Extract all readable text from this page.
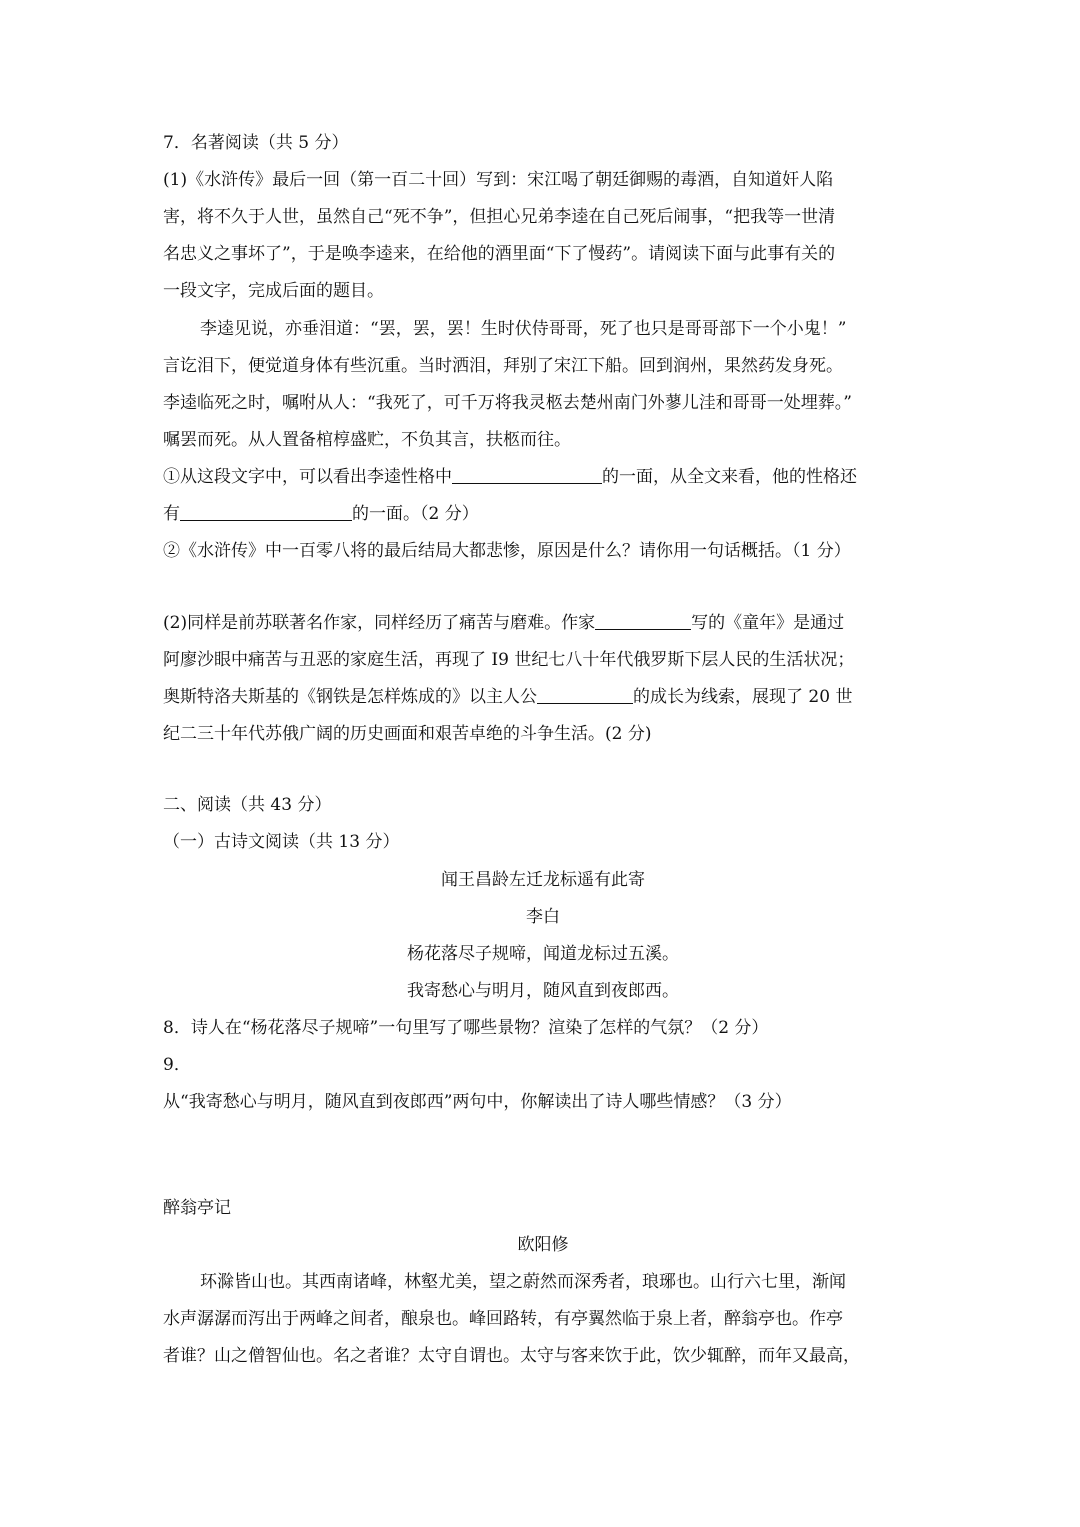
7．名著阅读（共 5 分）
(1)《水浒传》最后一回（第一百二十回）写到：宋江喝了朝廷御赐的毒酒，自知道奸人陷
害，将不久于人世，虽然自己“死不争”，但担心兄弟李逵在自己死后闹事，“把我等一世清
名忠义之事坏了”，于是唤李逵来，在给他的酒里面“下了慢药”。请阅读下面与此事有关的
一段文字，完成后面的题目。
李逵见说，亦垂泪道：“罢，罢，罢！生时伏侍哥哥，死了也只是哥哥部下一个小鬼！”
言讫泪下，便觉道身体有些沉重。当时洒泪，拜别了宋江下船。回到润州，果然药发身死。
李逵临死之时，嘱咐从人：“我死了，可千万将我灵柩去楚州南门外蓼儿洼和哥哥一处埋葬。”
嘱罢而死。从人置备棺椁盛贮，不负其言，扶柩而往。
①从这段文字中，可以看出李逵性格中	的一面，从全文来看，他的性格还
有	的一面。（2 分）
②《水浒传》中一百零八将的最后结局大都悲惨，原因是什么？请你用一句话概括。（1 分）
(2)同样是前苏联著名作家，同样经历了痛苦与磨难。作家	写的《童年》是通过
阿廖沙眼中痛苦与丑恶的家庭生活，再现了 I9 世纪七八十年代俄罗斯下层人民的生活状况；
奥斯特洛夫斯基的《钢铁是怎样炼成的》以主人公	的成长为线索，展现了 20 世
纪二三十年代苏俄广阔的历史画面和艰苦卓绝的斗争生活。(2 分)
二、阅读（共 43 分）
（一）古诗文阅读（共 13 分）
闻王昌龄左迁龙标遥有此寄
李白
杨花落尽子规啼，闻道龙标过五溪。
我寄愁心与明月，随风直到夜郎西。
8．诗人在“杨花落尽子规啼”一句里写了哪些景物？渲染了怎样的气氛？（2 分）
9．
从“我寄愁心与明月，随风直到夜郎西”两句中，你解读出了诗人哪些情感？（3 分）
醉翁亭记
欧阳修
环滁皆山也。其西南诸峰，林壑尤美，望之蔚然而深秀者，琅琊也。山行六七里，渐闻
水声潺潺而泻出于两峰之间者，酿泉也。峰回路转，有亭翼然临于泉上者，醉翁亭也。作亭
者谁？山之僧智仙也。名之者谁？太守自谓也。太守与客来饮于此，饮少辄醉，而年又最高，
